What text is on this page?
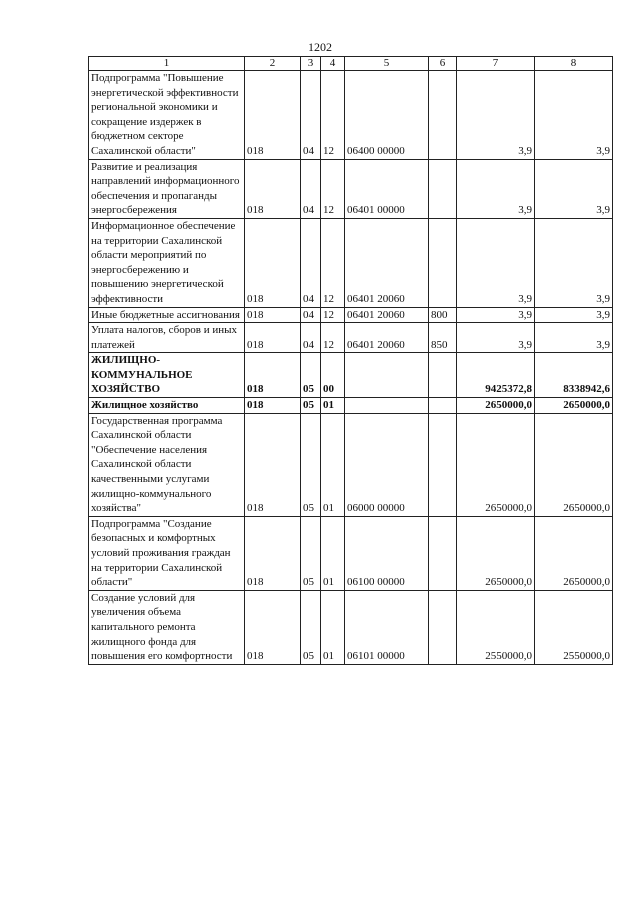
1202
1	2	3	4	5	6	7	8
Подпрограмма "Повышение энергетической эффективности региональной экономики и сокращение издержек в бюджетном секторе Сахалинской области"	018	04	12	06400 00000		3,9	3,9
Развитие и реализация направлений информационного обеспечения и пропаганды энергосбережения	018	04	12	06401 00000		3,9	3,9
Информационное обеспечение на территории Сахалинской области мероприятий по энергосбережению и повышению энергетической эффективности	018	04	12	06401 20060		3,9	3,9
Иные бюджетные ассигнования	018	04	12	06401 20060	800	3,9	3,9
Уплата налогов, сборов и иных платежей	018	04	12	06401 20060	850	3,9	3,9
ЖИЛИЩНО-КОММУНАЛЬНОЕ ХОЗЯЙСТВО	018	05	00			9425372,8	8338942,6
Жилищное хозяйство	018	05	01			2650000,0	2650000,0
Государственная программа Сахалинской области "Обеспечение населения Сахалинской области качественными услугами жилищно-коммунального хозяйства"	018	05	01	06000 00000		2650000,0	2650000,0
Подпрограмма "Создание безопасных и комфортных условий проживания граждан на территории Сахалинской области"	018	05	01	06100 00000		2650000,0	2650000,0
Создание условий для увеличения объема капитального ремонта жилищного фонда для повышения его комфортности	018	05	01	06101 00000		2550000,0	2550000,0
